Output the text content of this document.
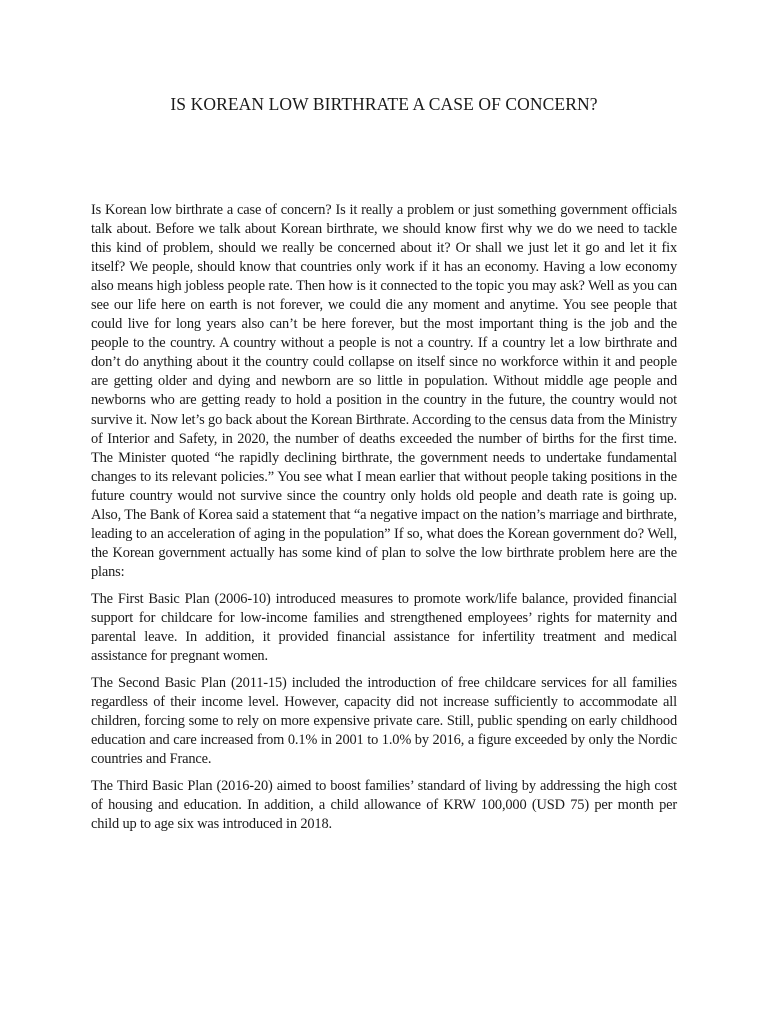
IS KOREAN LOW BIRTHRATE A CASE OF CONCERN?

Is Korean low birthrate a case of concern? Is it really a problem or just something government officials talk about. Before we talk about Korean birthrate, we should know first why we do we need to tackle this kind of problem, should we really be concerned about it? Or shall we just let it go and let it fix itself? We people, should know that countries only work if it has an economy. Having a low economy also means high jobless people rate. Then how is it connected to the topic you may ask? Well as you can see our life here on earth is not forever, we could die any moment and anytime. You see people that could live for long years also can’t be here forever, but the most important thing is the job and the people to the country. A country without a people is not a country. If a country let a low birthrate and don’t do anything about it the country could collapse on itself since no workforce within it and people are getting older and dying and newborn are so little in population. Without middle age people and newborns who are getting ready to hold a position in the country in the future, the country would not survive it. Now let’s go back about the Korean Birthrate. According to the census data from the Ministry of Interior and Safety, in 2020, the number of deaths exceeded the number of births for the first time. The Minister quoted “he rapidly declining birthrate, the government needs to undertake fundamental changes to its relevant policies.” You see what I mean earlier that without people taking positions in the future country would not survive since the country only holds old people and death rate is going up. Also, The Bank of Korea said a statement that “a negative impact on the nation’s marriage and birthrate, leading to an acceleration of aging in the population” If so, what does the Korean government do? Well, the Korean government actually has some kind of plan to solve the low birthrate problem here are the plans:

The First Basic Plan (2006-10) introduced measures to promote work/life balance, provided financial support for childcare for low-income families and strengthened employees’ rights for maternity and parental leave. In addition, it provided financial assistance for infertility treatment and medical assistance for pregnant women.

The Second Basic Plan (2011-15) included the introduction of free childcare services for all families regardless of their income level. However, capacity did not increase sufficiently to accommodate all children, forcing some to rely on more expensive private care. Still, public spending on early childhood education and care increased from 0.1% in 2001 to 1.0% by 2016, a figure exceeded by only the Nordic countries and France.

The Third Basic Plan (2016-20) aimed to boost families’ standard of living by addressing the high cost of housing and education. In addition, a child allowance of KRW 100,000 (USD 75) per month per child up to age six was introduced in 2018.
